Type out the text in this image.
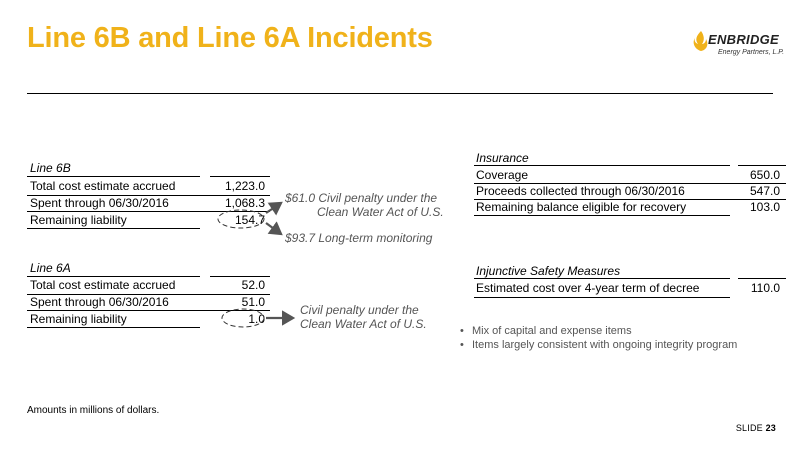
Line 6B and Line 6A Incidents	ENBRIDGE
Energy Partners, L.P.
Line 6B
Total cost estimate accrued	1,223.0
Spent through 06/30/2016	1,068.3
Remaining liability	154.7
$61.0 Civil penalty under the
Clean Water Act of U.S.
$93.7 Long-term monitoring
Line 6A
Total cost estimate accrued	52.0
Spent through 06/30/2016	51.0
Remaining liability	1.0
Civil penalty under the
Clean Water Act of U.S.
Insurance
Coverage	650.0
Proceeds collected through 06/30/2016	547.0
Remaining balance eligible for recovery	103.0
Injunctive Safety Measures
Estimated cost over 4-year term of decree	110.0
• Mix of capital and expense items
• Items largely consistent with ongoing integrity program
Amounts in millions of dollars.
SLIDE 23
